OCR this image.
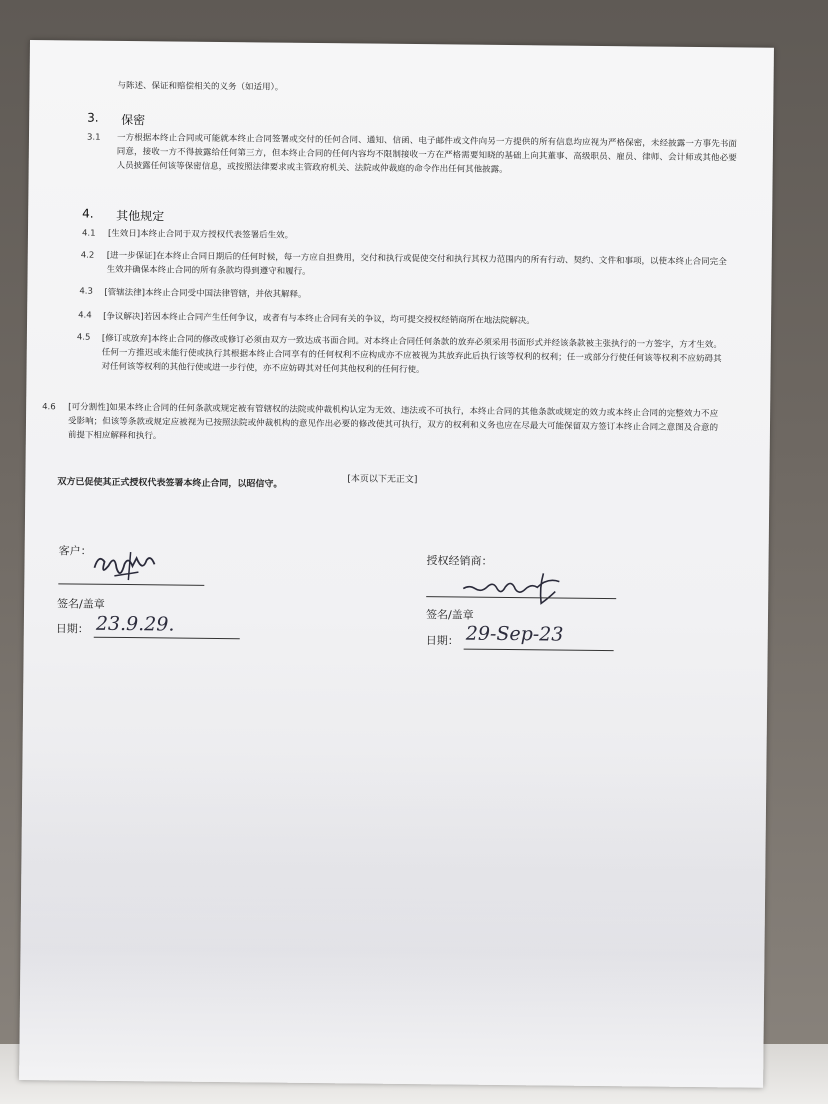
与陈述、保证和赔偿相关的义务（如适用）。
3. 保密
3.1 一方根据本终止合同或可能就本终止合同签署或交付的任何合同、通知、信函、电子邮件或文件向另一方提供的所有信息均应视为严格保密，未经披露一方事先书面同意，接收一方不得披露给任何第三方，但本终止合同的任何内容均不限制接收一方在严格需要知晓的基础上向其董事、高级职员、雇员、律师、会计师或其他必要人员披露任何该等保密信息，或按照法律要求或主管政府机关、法院或仲裁庭的命令作出任何其他披露。
4. 其他规定
4.1 [生效日]本终止合同于双方授权代表签署后生效。
4.2 [进一步保证]在本终止合同日期后的任何时候，每一方应自担费用，交付和执行或促使交付和执行其权力范围内的所有行动、契约、文件和事项，以使本终止合同完全生效并确保本终止合同的所有条款均得到遵守和履行。
4.3 [管辖法律]本终止合同受中国法律管辖，并依其解释。
4.4 [争议解决]若因本终止合同产生任何争议，或者有与本终止合同有关的争议，均可提交授权经销商所在地法院解决。
4.5 [修订或放弃]本终止合同的修改或修订必须由双方一致达成书面合同。对本终止合同任何条款的放弃必须采用书面形式并经该条款被主张执行的一方签字，方才生效。任何一方推迟或未能行使或执行其根据本终止合同享有的任何权利不应构成亦不应被视为其放弃此后执行该等权利的权利；任一或部分行使任何该等权利不应妨碍其对任何该等权利的其他行使或进一步行使，亦不应妨碍其对任何其他权利的任何行使。
4.6 [可分割性]如果本终止合同的任何条款或规定被有管辖权的法院或仲裁机构认定为无效、违法或不可执行，本终止合同的其他条款或规定的效力或本终止合同的完整效力不应受影响；但该等条款或规定应被视为已按照法院或仲裁机构的意见作出必要的修改使其可执行，双方的权利和义务也应在尽最大可能保留双方签订本终止合同之意图及合意的前提下相应解释和执行。
[本页以下无正文]
双方已促使其正式授权代表签署本终止合同，以昭信守。
客户：
签名/盖章
日期： 23.9.29.
授权经销商：
签名/盖章
日期： 29-Sep-23
